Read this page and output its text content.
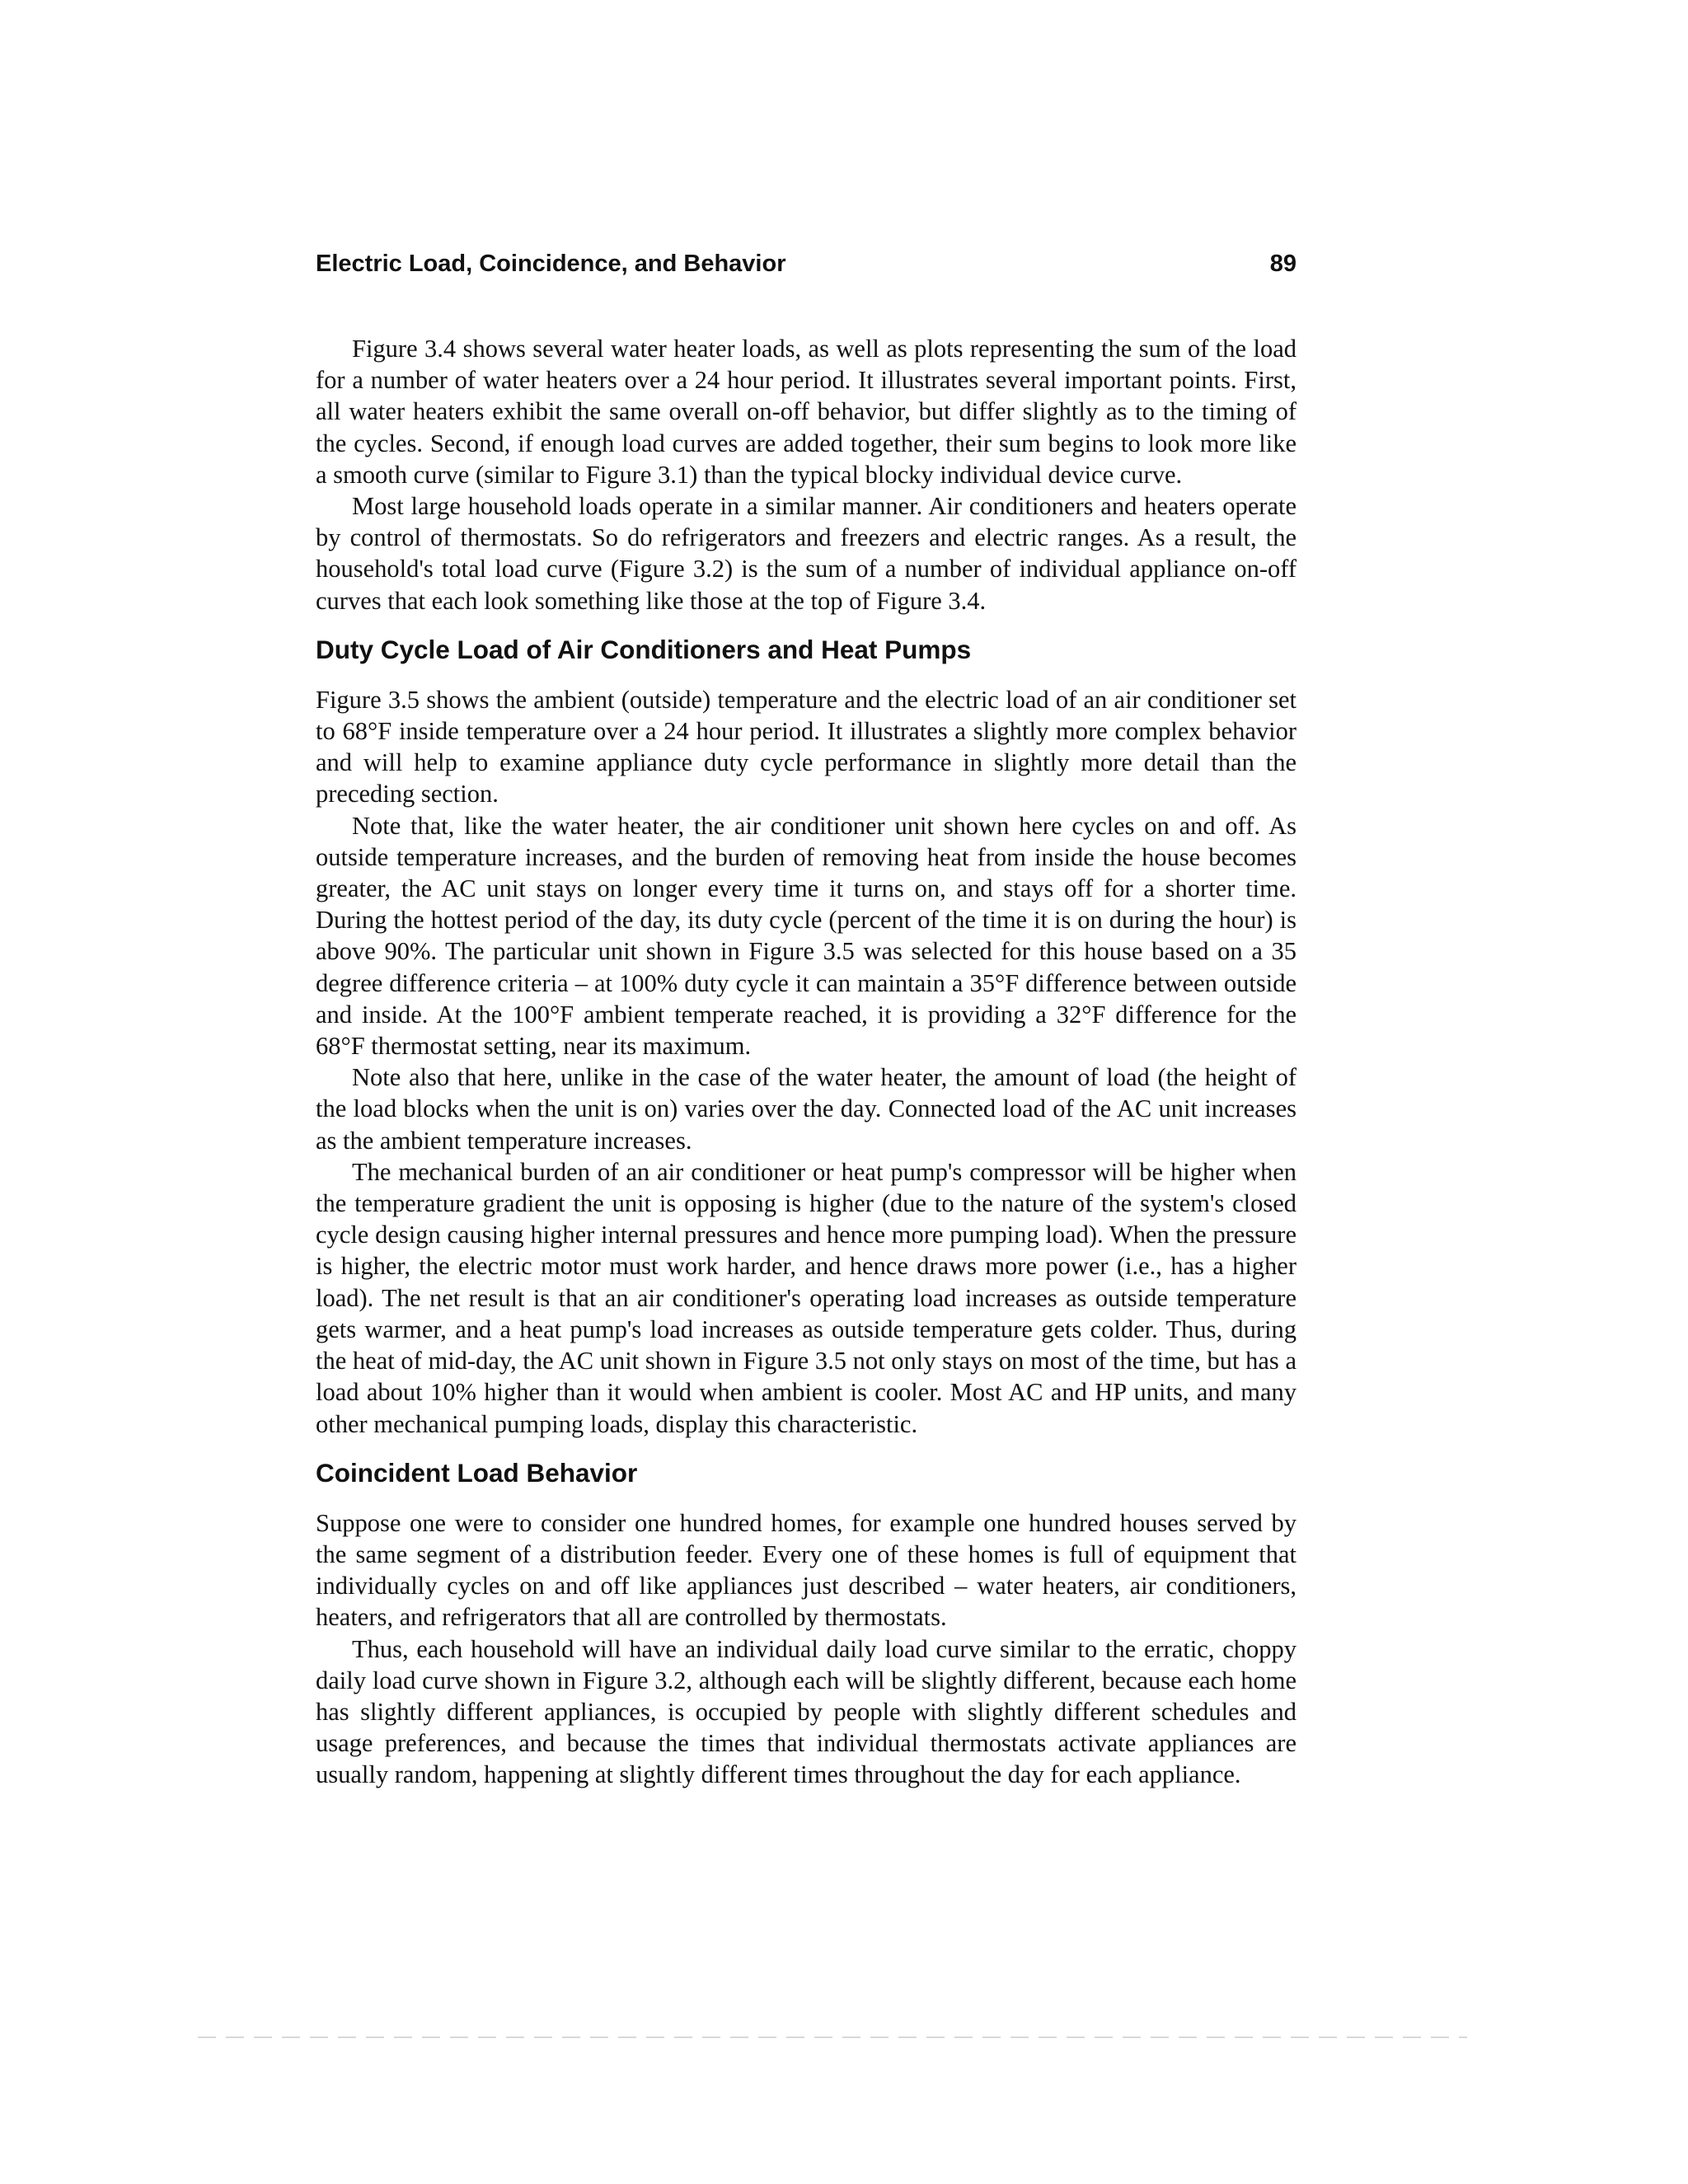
Electric Load, Coincidence, and Behavior	89

Figure 3.4 shows several water heater loads, as well as plots representing the sum of the load for a number of water heaters over a 24 hour period. It illustrates several important points. First, all water heaters exhibit the same overall on-off behavior, but differ slightly as to the timing of the cycles. Second, if enough load curves are added together, their sum begins to look more like a smooth curve (similar to Figure 3.1) than the typical blocky individual device curve.

Most large household loads operate in a similar manner. Air conditioners and heaters operate by control of thermostats. So do refrigerators and freezers and electric ranges. As a result, the household's total load curve (Figure 3.2) is the sum of a number of individual appliance on-off curves that each look something like those at the top of Figure 3.4.

Duty Cycle Load of Air Conditioners and Heat Pumps

Figure 3.5 shows the ambient (outside) temperature and the electric load of an air conditioner set to 68°F inside temperature over a 24 hour period. It illustrates a slightly more complex behavior and will help to examine appliance duty cycle performance in slightly more detail than the preceding section.

Note that, like the water heater, the air conditioner unit shown here cycles on and off. As outside temperature increases, and the burden of removing heat from inside the house becomes greater, the AC unit stays on longer every time it turns on, and stays off for a shorter time. During the hottest period of the day, its duty cycle (percent of the time it is on during the hour) is above 90%. The particular unit shown in Figure 3.5 was selected for this house based on a 35 degree difference criteria – at 100% duty cycle it can maintain a 35°F difference between outside and inside. At the 100°F ambient temperate reached, it is providing a 32°F difference for the 68°F thermostat setting, near its maximum.

Note also that here, unlike in the case of the water heater, the amount of load (the height of the load blocks when the unit is on) varies over the day. Connected load of the AC unit increases as the ambient temperature increases.

The mechanical burden of an air conditioner or heat pump's compressor will be higher when the temperature gradient the unit is opposing is higher (due to the nature of the system's closed cycle design causing higher internal pressures and hence more pumping load). When the pressure is higher, the electric motor must work harder, and hence draws more power (i.e., has a higher load). The net result is that an air conditioner's operating load increases as outside temperature gets warmer, and a heat pump's load increases as outside temperature gets colder. Thus, during the heat of mid-day, the AC unit shown in Figure 3.5 not only stays on most of the time, but has a load about 10% higher than it would when ambient is cooler. Most AC and HP units, and many other mechanical pumping loads, display this characteristic.

Coincident Load Behavior

Suppose one were to consider one hundred homes, for example one hundred houses served by the same segment of a distribution feeder. Every one of these homes is full of equipment that individually cycles on and off like appliances just described – water heaters, air conditioners, heaters, and refrigerators that all are controlled by thermostats.

Thus, each household will have an individual daily load curve similar to the erratic, choppy daily load curve shown in Figure 3.2, although each will be slightly different, because each home has slightly different appliances, is occupied by people with slightly different schedules and usage preferences, and because the times that individual thermostats activate appliances are usually random, happening at slightly different times throughout the day for each appliance.
